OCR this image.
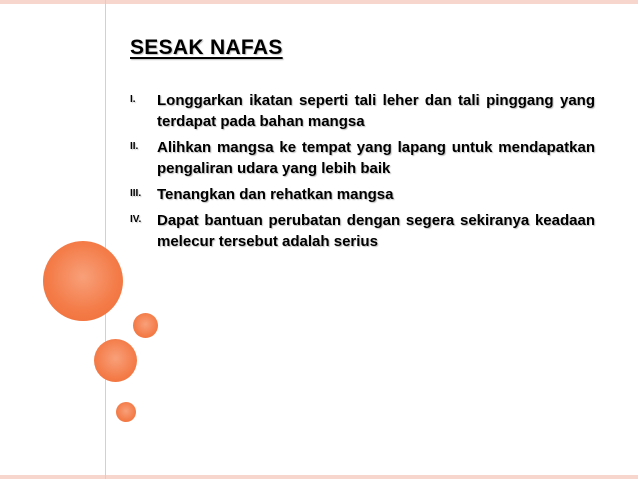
SESAK NAFAS
I.	Longgarkan ikatan seperti tali leher dan tali pinggang yang terdapat pada bahan mangsa
II.	Alihkan mangsa ke tempat yang lapang untuk mendapatkan pengaliran udara yang lebih baik
III.	Tenangkan dan rehatkan mangsa
IV.	Dapat bantuan perubatan dengan segera sekiranya keadaan melecur tersebut adalah serius
